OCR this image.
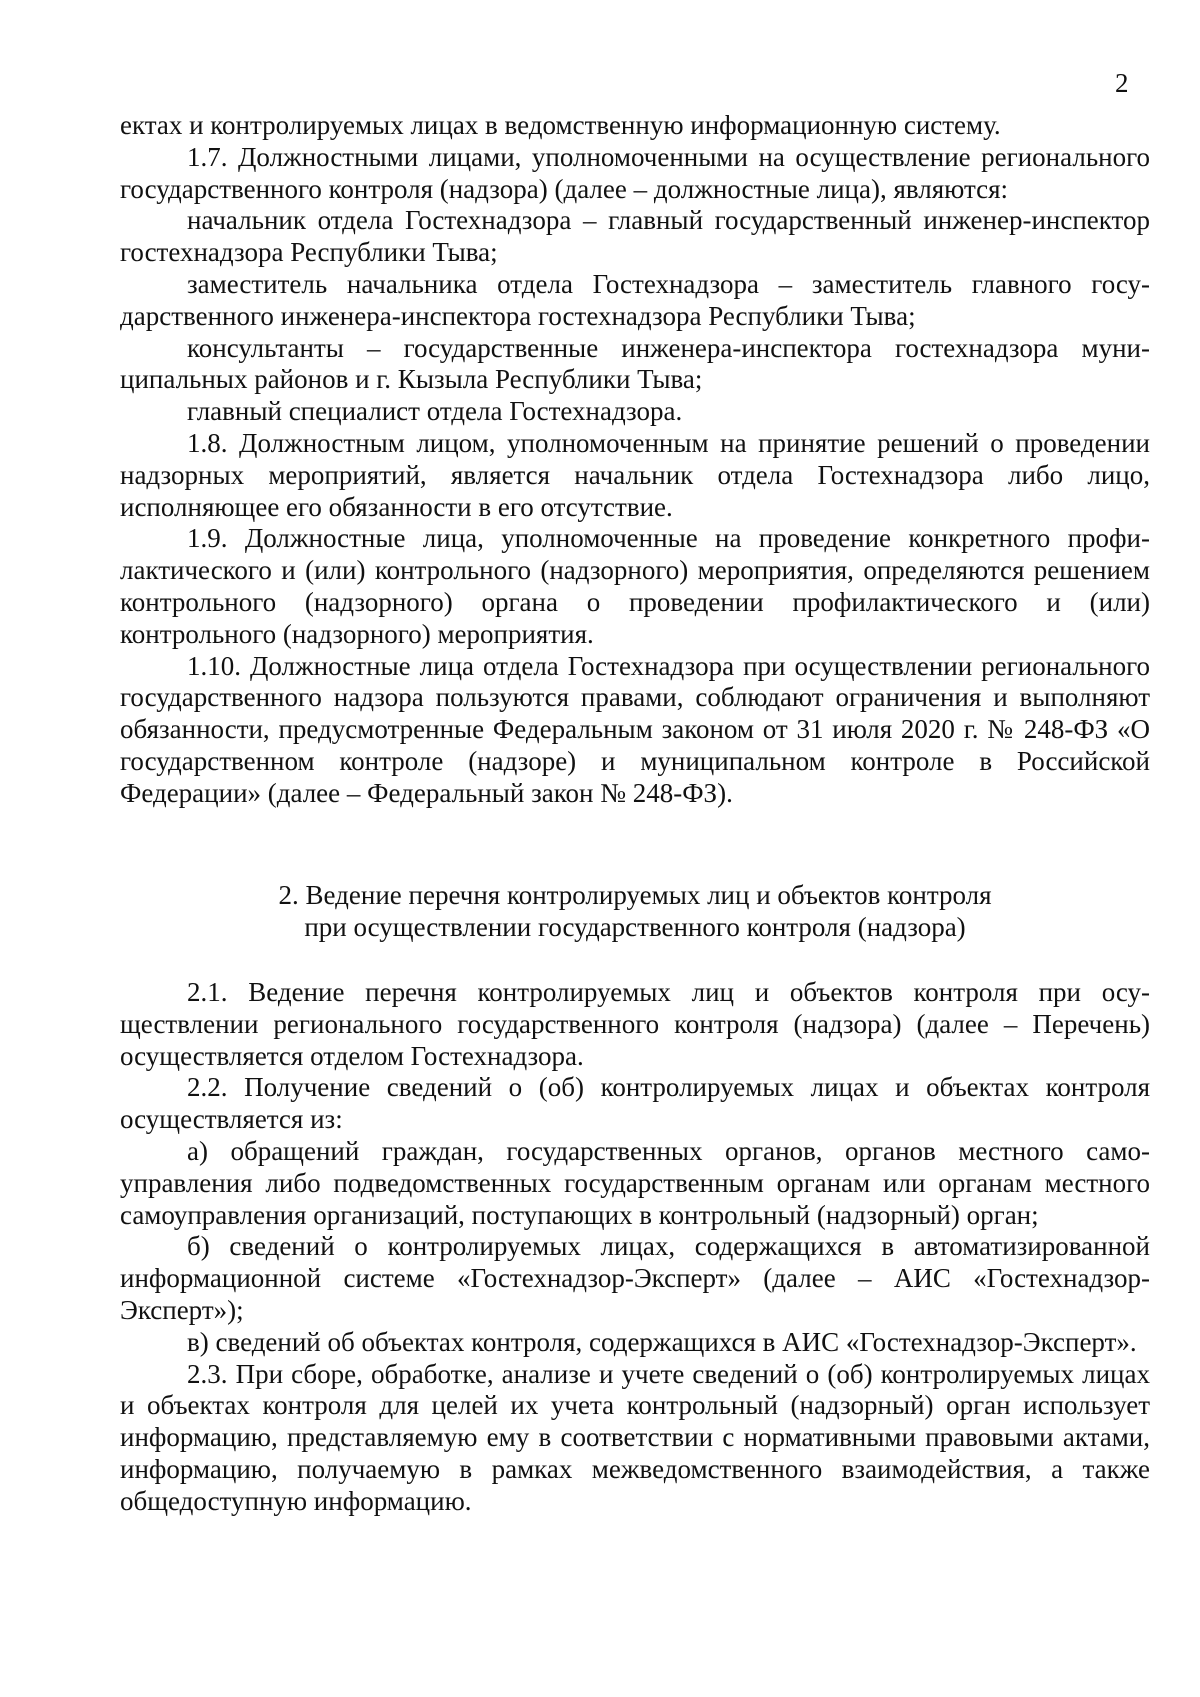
2

ектах и контролируемых лицах в ведомственную информационную систему.

1.7. Должностными лицами, уполномоченными на осуществление регионального государственного контроля (надзора) (далее – должностные лица), являются:

начальник отдела Гостехнадзора – главный государственный инженер-инспектор гостехнадзора Республики Тыва;

заместитель начальника отдела Гостехнадзора – заместитель главного государственного инженера-инспектора гостехнадзора Республики Тыва;

консультанты – государственные инженера-инспектора гостехнадзора муниципальных районов и г. Кызыла Республики Тыва;

главный специалист отдела Гостехнадзора.

1.8. Должностным лицом, уполномоченным на принятие решений о проведении надзорных мероприятий, является начальник отдела Гостехнадзора либо лицо, исполняющее его обязанности в его отсутствие.

1.9. Должностные лица, уполномоченные на проведение конкретного профилактического и (или) контрольного (надзорного) мероприятия, определяются решением контрольного (надзорного) органа о проведении профилактического и (или) контрольного (надзорного) мероприятия.

1.10. Должностные лица отдела Гостехнадзора при осуществлении регионального государственного надзора пользуются правами, соблюдают ограничения и выполняют обязанности, предусмотренные Федеральным законом от 31 июля 2020 г. № 248-ФЗ «О государственном контроле (надзоре) и муниципальном контроле в Российской Федерации» (далее – Федеральный закон № 248-ФЗ).

2. Ведение перечня контролируемых лиц и объектов контроля
при осуществлении государственного контроля (надзора)

2.1. Ведение перечня контролируемых лиц и объектов контроля при осуществлении регионального государственного контроля (надзора) (далее – Перечень) осуществляется отделом Гостехнадзора.

2.2. Получение сведений о (об) контролируемых лицах и объектах контроля осуществляется из:

а) обращений граждан, государственных органов, органов местного самоуправления либо подведомственных государственным органам или органам местного самоуправления организаций, поступающих в контрольный (надзорный) орган;

б) сведений о контролируемых лицах, содержащихся в автоматизированной информационной системе «Гостехнадзор-Эксперт» (далее – АИС «Гостехнадзор-Эксперт»);

в) сведений об объектах контроля, содержащихся в АИС «Гостехнадзор-Эксперт».

2.3. При сборе, обработке, анализе и учете сведений о (об) контролируемых лицах и объектах контроля для целей их учета контрольный (надзорный) орган использует информацию, представляемую ему в соответствии с нормативными правовыми актами, информацию, получаемую в рамках межведомственного взаимодействия, а также общедоступную информацию.
